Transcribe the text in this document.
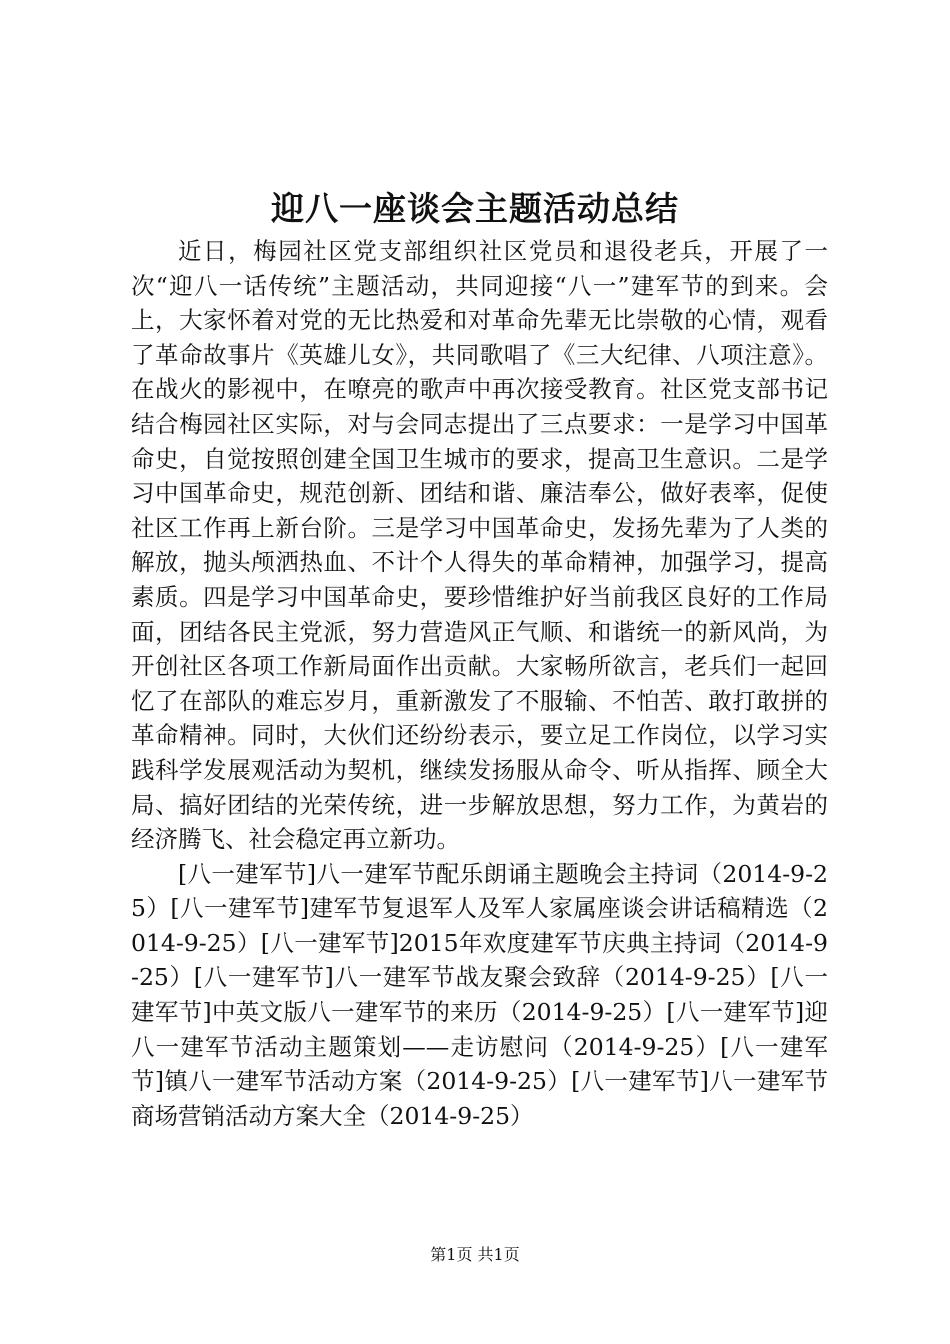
迎八一座谈会主题活动总结

近日，梅园社区党支部组织社区党员和退役老兵，开展了一次“迎八一话传统”主题活动，共同迎接“八一”建军节的到来。会上，大家怀着对党的无比热爱和对革命先辈无比崇敬的心情，观看了革命故事片《英雄儿女》，共同歌唱了《三大纪律、八项注意》。在战火的影视中，在嘹亮的歌声中再次接受教育。社区党支部书记结合梅园社区实际，对与会同志提出了三点要求：一是学习中国革命史，自觉按照创建全国卫生城市的要求，提高卫生意识。二是学习中国革命史，规范创新、团结和谐、廉洁奉公，做好表率，促使社区工作再上新台阶。三是学习中国革命史，发扬先辈为了人类的解放，抛头颅洒热血、不计个人得失的革命精神，加强学习，提高素质。四是学习中国革命史，要珍惜维护好当前我区良好的工作局面，团结各民主党派，努力营造风正气顺、和谐统一的新风尚，为开创社区各项工作新局面作出贡献。大家畅所欲言，老兵们一起回忆了在部队的难忘岁月，重新激发了不服输、不怕苦、敢打敢拼的革命精神。同时，大伙们还纷纷表示，要立足工作岗位，以学习实践科学发展观活动为契机，继续发扬服从命令、听从指挥、顾全大局、搞好团结的光荣传统，进一步解放思想，努力工作，为黄岩的经济腾飞、社会稳定再立新功。

[八一建军节]八一建军节配乐朗诵主题晚会主持词（2014-9-25）[八一建军节]建军节复退军人及军人家属座谈会讲话稿精选（2014-9-25）[八一建军节]2015年欢度建军节庆典主持词（2014-9-25）[八一建军节]八一建军节战友聚会致辞（2014-9-25）[八一建军节]中英文版八一建军节的来历（2014-9-25）[八一建军节]迎八一建军节活动主题策划——走访慰问（2014-9-25）[八一建军节]镇八一建军节活动方案（2014-9-25）[八一建军节]八一建军节商场营销活动方案大全（2014-9-25）

第1页 共1页
